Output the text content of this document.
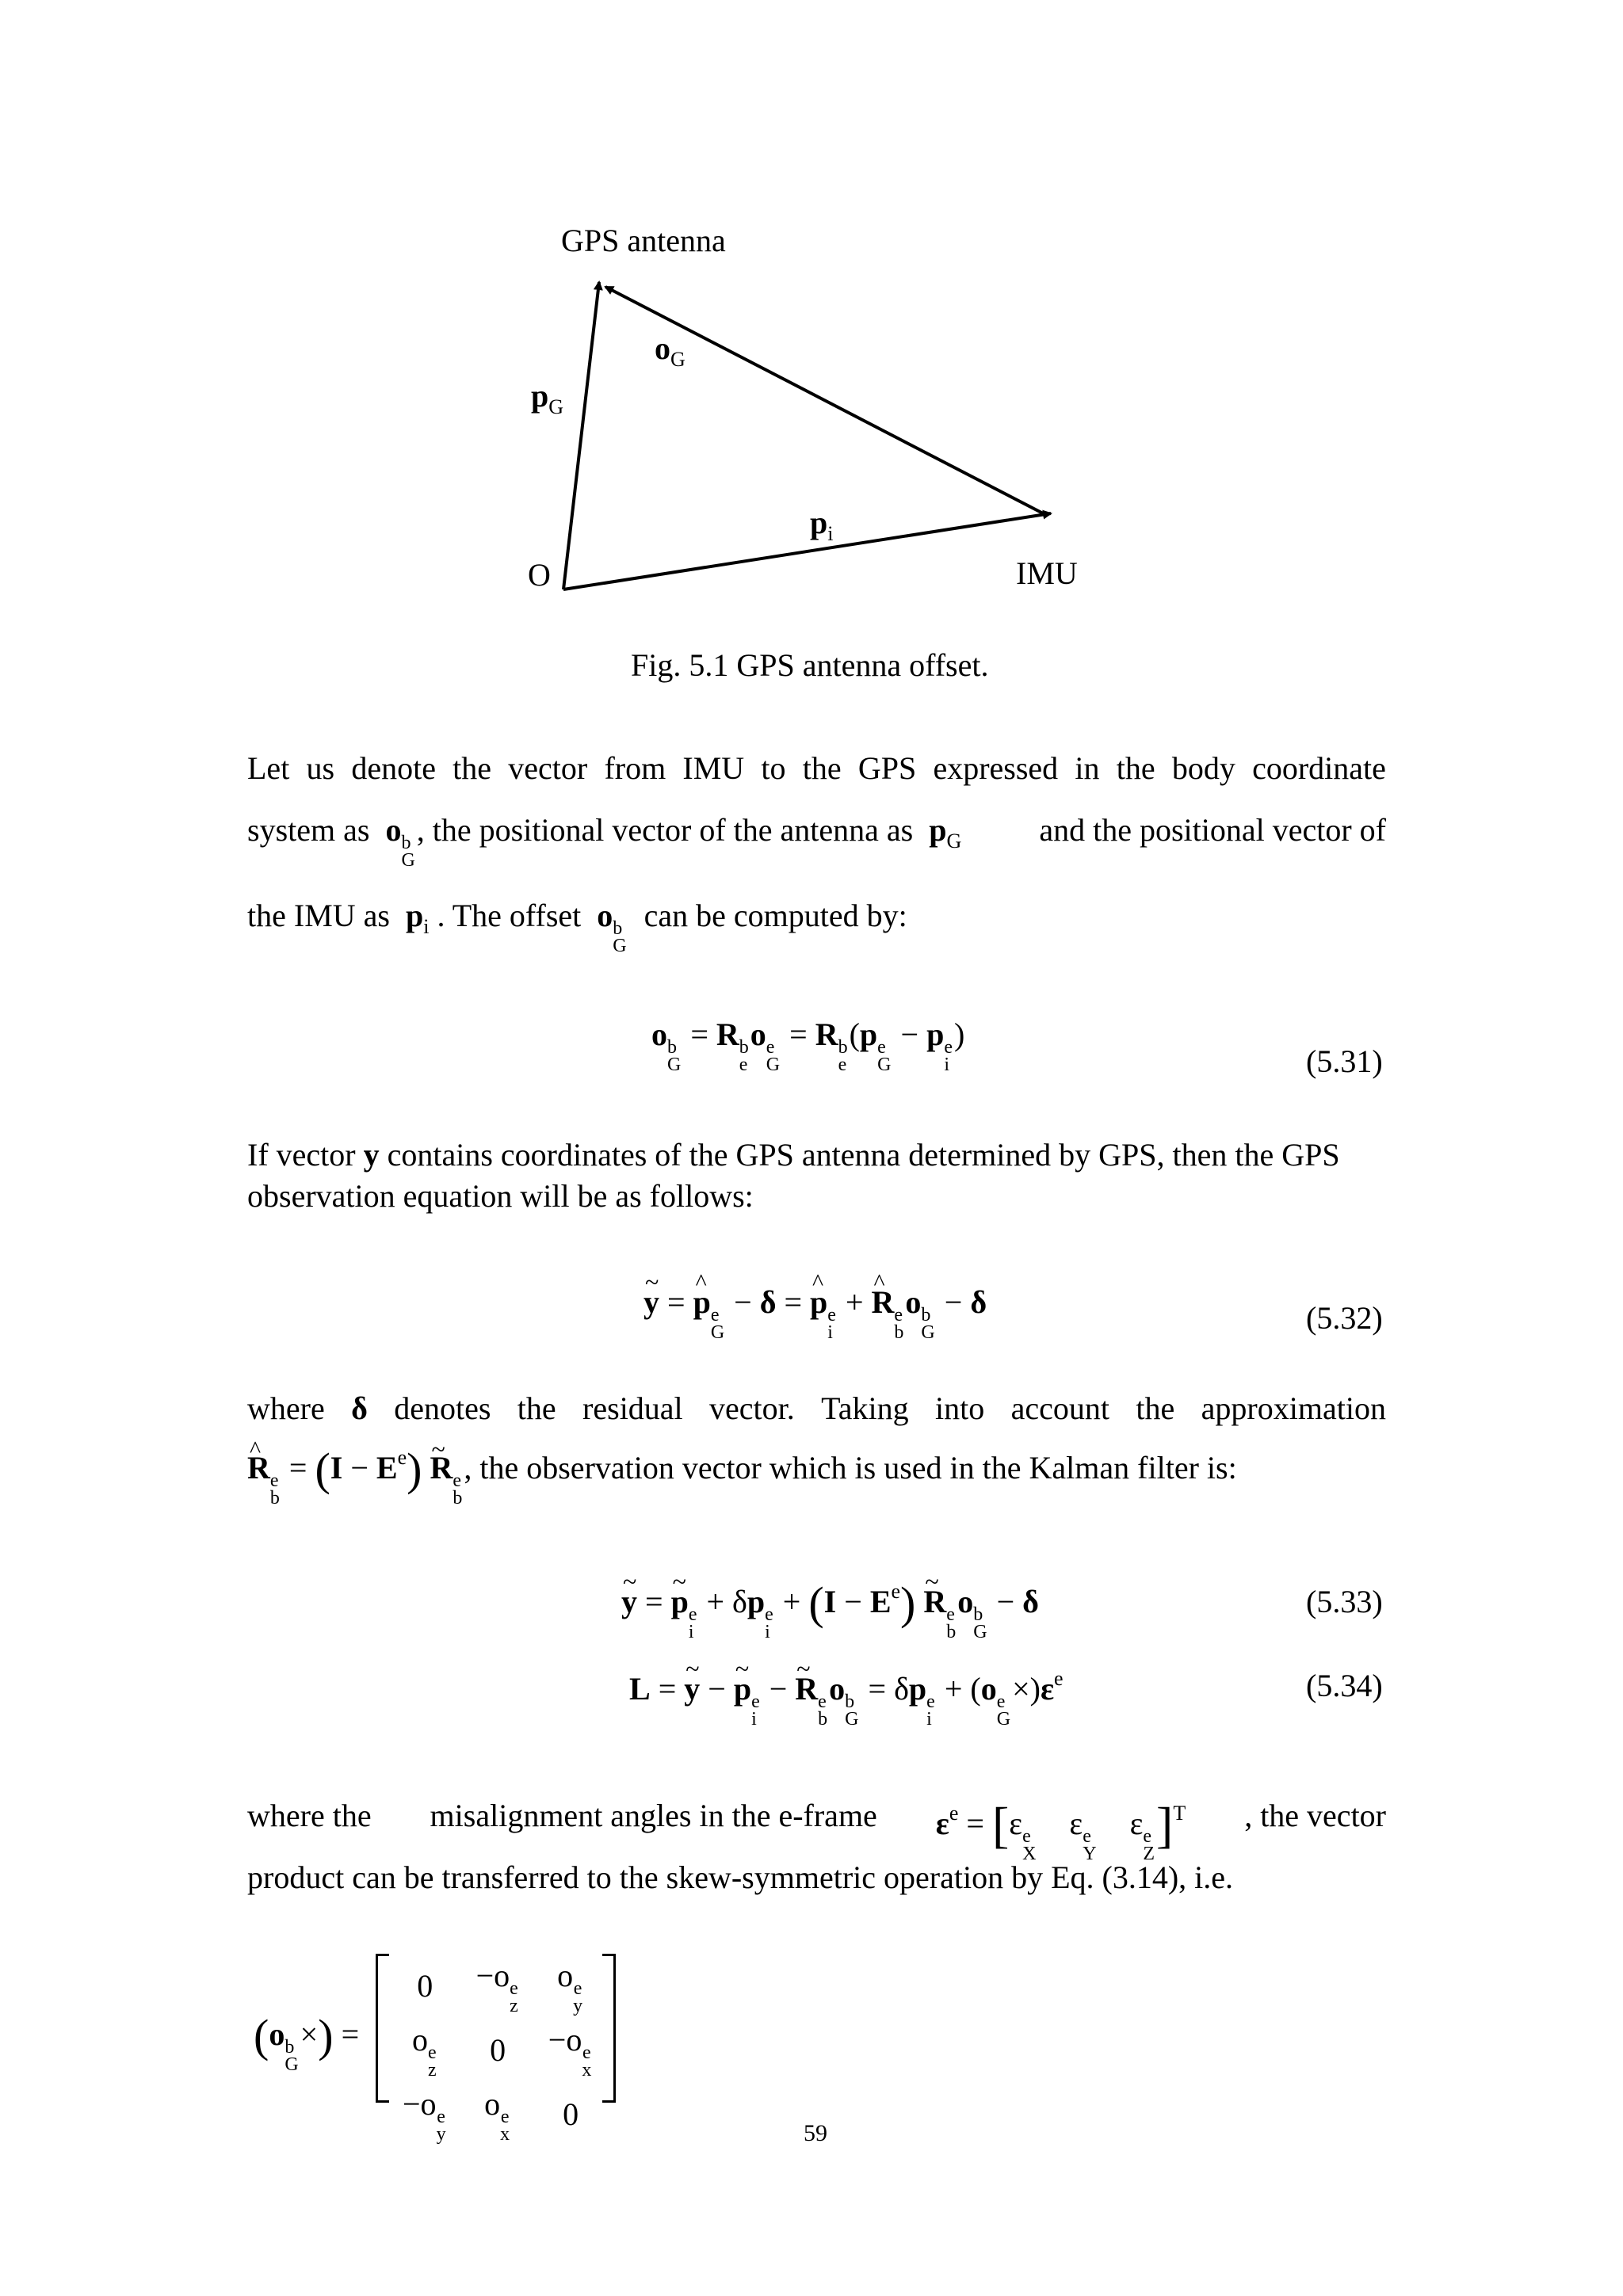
GPS antenna
$o_G$
$p_G$
$p_i$
O	IMU
Fig. 5.1 GPS antenna offset.
Let us denote the vector from IMU to the GPS expressed in the body coordinate
system as o b
G
, the positional vector of the antenna as $p_G$ and the positional vector of
the IMU as $p_i$ . The offset o b
G
can be computed by:
o b
G
= R b
e
o e
G
= R b
e
(p e
G
− p e
i
)
(5.31)
If vector y contains coordinates of the GPS antenna determined by GPS, then the GPS
observation equation will be as follows:
~ y = ^ p e
G
− δ = ^ p e
i
+ ^ R e
b
o b
G
− δ	(5.32)
where δ denotes the residual vector. Taking into account the approximation
^ R e
b
= $(I - E^e)$ ~ R e
b
, the observation vector which is used in the Kalman filter is:
~ y = ~ p e
i
+ δp e
i
+ $(I - E^e)$ ~ R e
b
o b
G
− δ	(5.33)
L = ~ y − ~ p e
i
− ~ R e
b
o b
G
= δp e
i
+ (o e
G
$\times)\varepsilon^e$	(5.34)
where the misalignment angles in the e-frame $\varepsilon^e = [\varepsilon$ e
X
ε e
Y
ε e
Z
]$^T$ , the vector
product can be transferred to the skew-symmetric operation by Eq. (3.14), i.e.
(o b
G
×) =
0	−o e
z	o e
y

o e
z	0	−o e
x

−o e
y	o e
x	0
59
